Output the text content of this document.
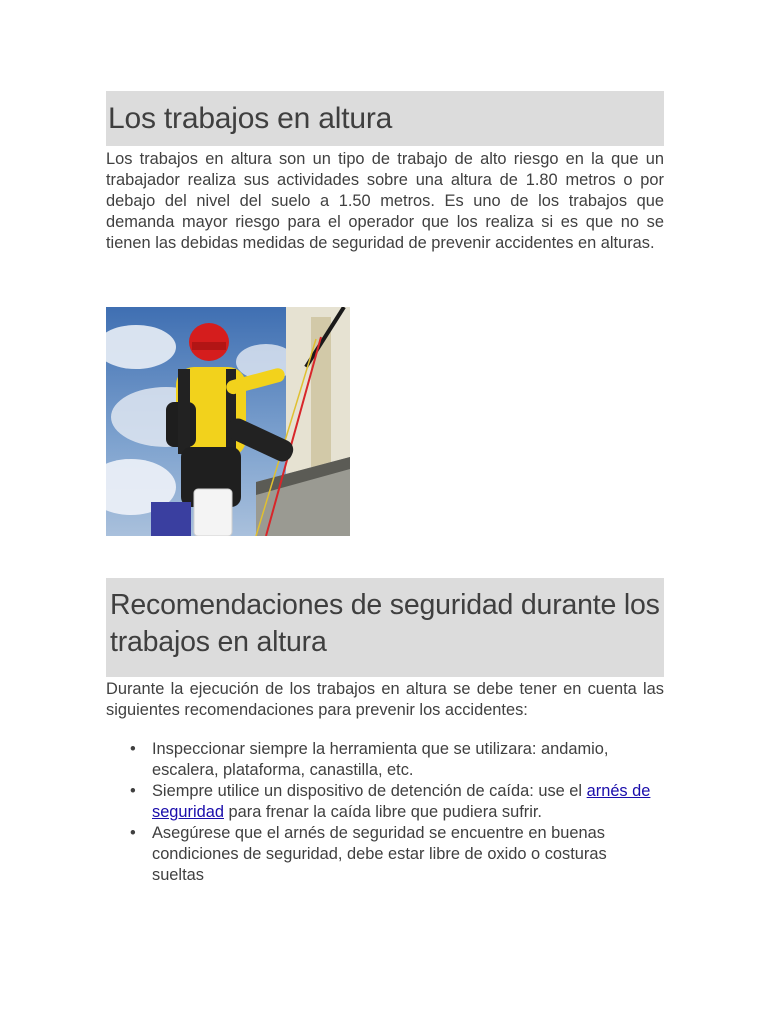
Los trabajos en altura

Los trabajos en altura son un tipo de trabajo de alto riesgo en la que un trabajador realiza sus actividades sobre una altura de 1.80 metros o por debajo del nivel del suelo a 1.50 metros. Es uno de los trabajos que demanda mayor riesgo para el operador que los realiza si es que no se tienen las debidas medidas de seguridad de prevenir accidentes en alturas.

Recomendaciones de seguridad durante los trabajos en altura

Durante la ejecución de los trabajos en altura se debe tener en cuenta las siguientes recomendaciones para prevenir los accidentes:

• Inspeccionar siempre la herramienta que se utilizara: andamio, escalera, plataforma, canastilla, etc.
• Siempre utilice un dispositivo de detención de caída: use el arnés de seguridad para frenar la caída libre que pudiera sufrir.
• Asegúrese que el arnés de seguridad se encuentre en buenas condiciones de seguridad, debe estar libre de oxido o costuras sueltas
